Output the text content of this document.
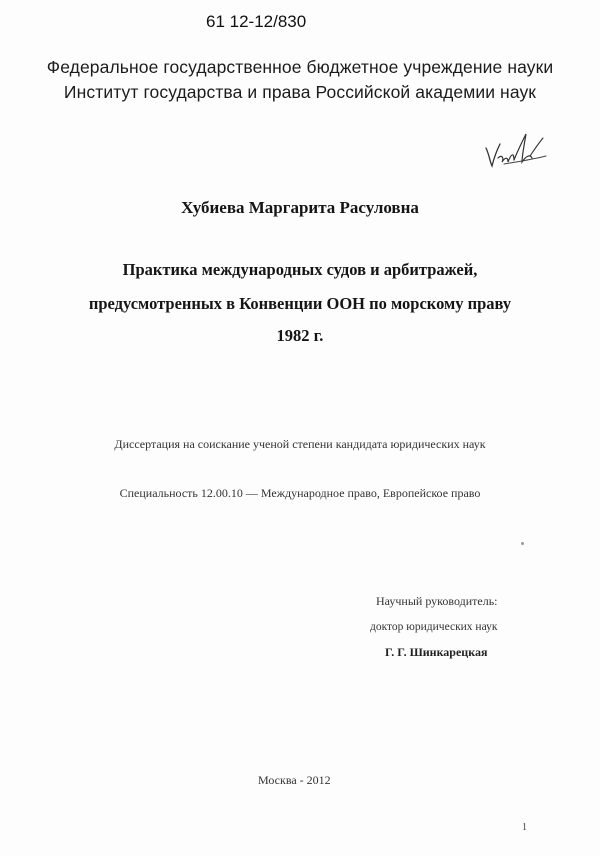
61 12-12/830
Федеральное государственное бюджетное учреждение науки
Институт государства и права Российской академии наук
Хубиева Маргарита Расуловна
Практика международных судов и арбитражей,
предусмотренных в Конвенции ООН по морскому праву
1982 г.
Диссертация на соискание ученой степени кандидата юридических наук
Специальность 12.00.10 — Международное право, Европейское право
Научный руководитель:
доктор юридических наук
Г. Г. Шинкарецкая
Москва - 2012
1
